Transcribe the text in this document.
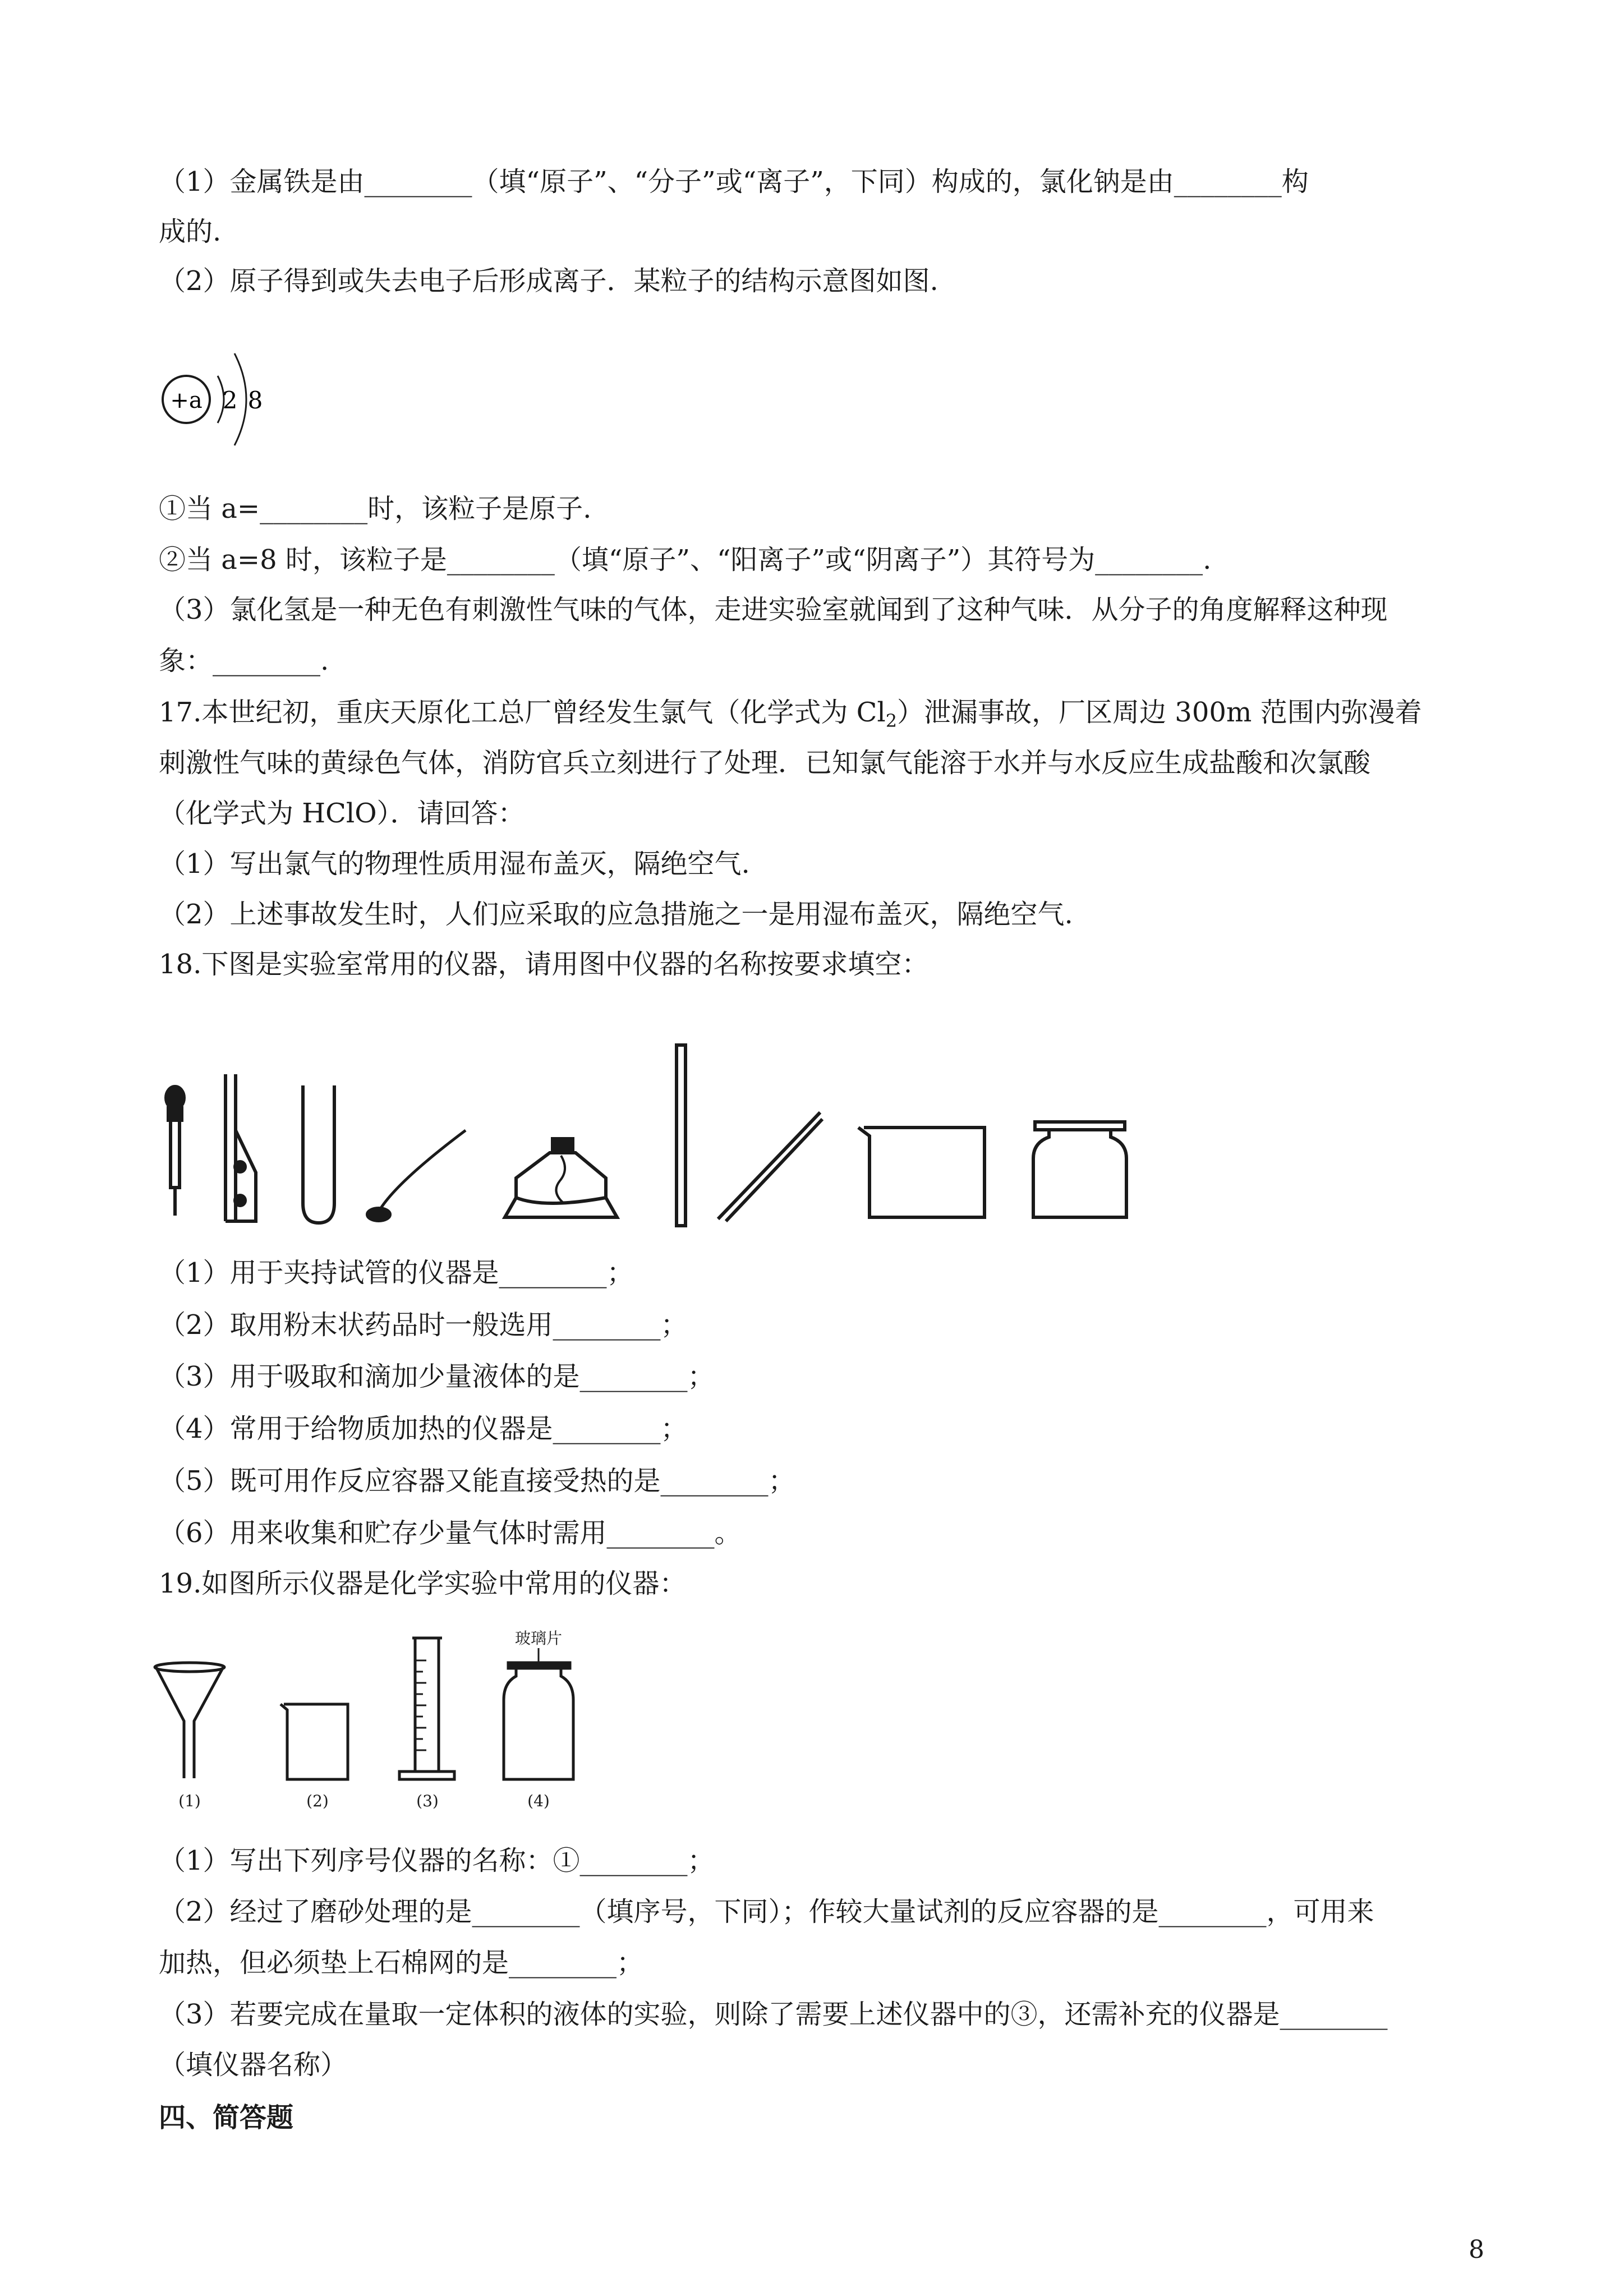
（1）金属铁是由________（填“原子”、“分子”或“离子”，下同）构成的，氯化钠是由________构
成的.
（2）原子得到或失去电子后形成离子．某粒子的结构示意图如图.
+a 2 8
①当 a=________时，该粒子是原子.
②当 a=8 时，该粒子是________（填“原子”、“阳离子”或“阴离子”）其符号为________.
（3）氯化氢是一种无色有刺激性气味的气体，走进实验室就闻到了这种气味．从分子的角度解释这种现
象：________.
17.本世纪初，重庆天原化工总厂曾经发生氯气（化学式为 $Cl_2$）泄漏事故，厂区周边 300m 范围内弥漫着
刺激性气味的黄绿色气体，消防官兵立刻进行了处理．已知氯气能溶于水并与水反应生成盐酸和次氯酸
（化学式为 HClO）．请回答：
（1）写出氯气的物理性质用湿布盖灭，隔绝空气.
（2）上述事故发生时，人们应采取的应急措施之一是用湿布盖灭，隔绝空气.
18.下图是实验室常用的仪器，请用图中仪器的名称按要求填空：
（1）用于夹持试管的仪器是________；
（2）取用粉末状药品时一般选用________；
（3）用于吸取和滴加少量液体的是________；
（4）常用于给物质加热的仪器是________；
（5）既可用作反应容器又能直接受热的是________；
（6）用来收集和贮存少量气体时需用________。
19.如图所示仪器是化学实验中常用的仪器：
玻璃片
(1)	(2)	(3)	(4)
（1）写出下列序号仪器的名称：①________；
（2）经过了磨砂处理的是________（填序号，下同）；作较大量试剂的反应容器的是________，可用来
加热，但必须垫上石棉网的是________；
（3）若要完成在量取一定体积的液体的实验，则除了需要上述仪器中的③，还需补充的仪器是________
（填仪器名称）
四、简答题
8
